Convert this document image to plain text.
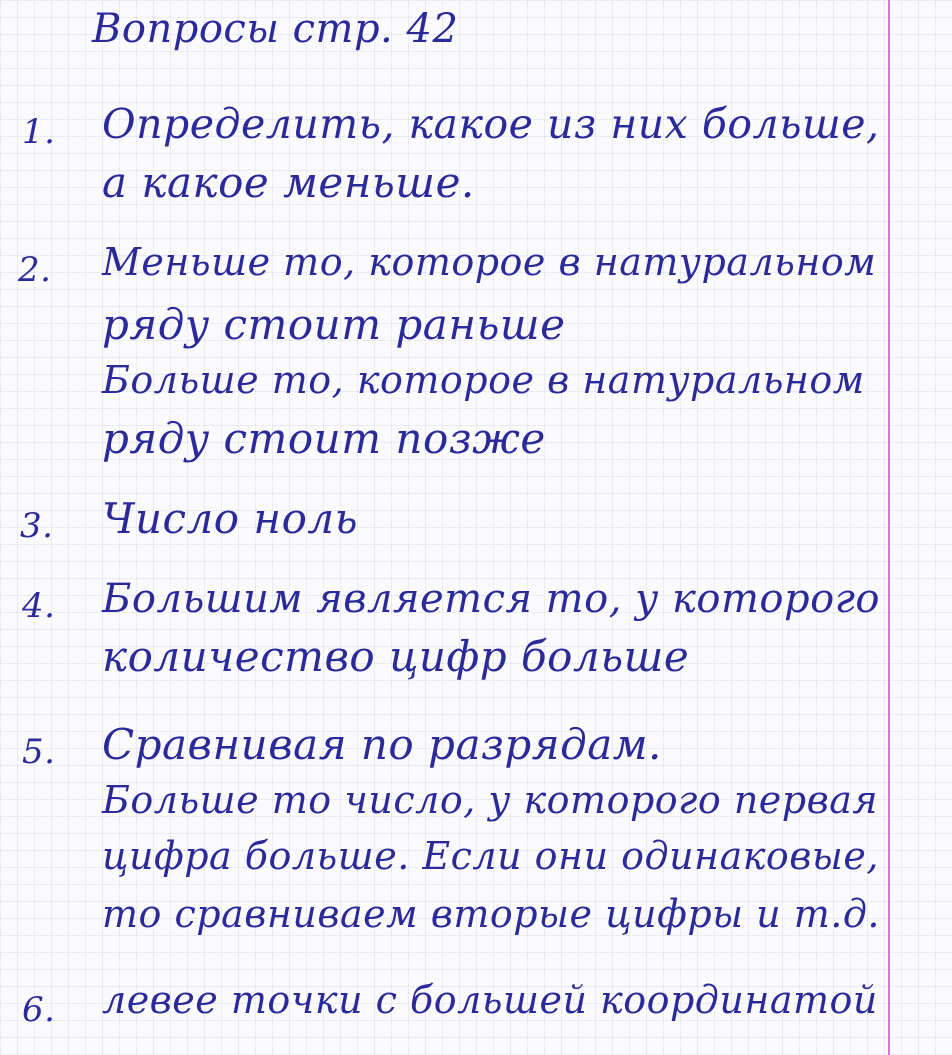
Вопросы стр. 42
1. Определить, какое из них больше,
а какое меньше.
2. Меньше то, которое в натуральном
ряду стоит раньше
Больше то, которое в натуральном
ряду стоит позже
3. Число ноль
4. Большим является то, у которого
количество цифр больше
5. Сравнивая по разрядам.
Больше то число, у которого первая
цифра больше. Если они одинаковые,
то сравниваем вторые цифры и т.д.
6. левее точки с большей координатой
